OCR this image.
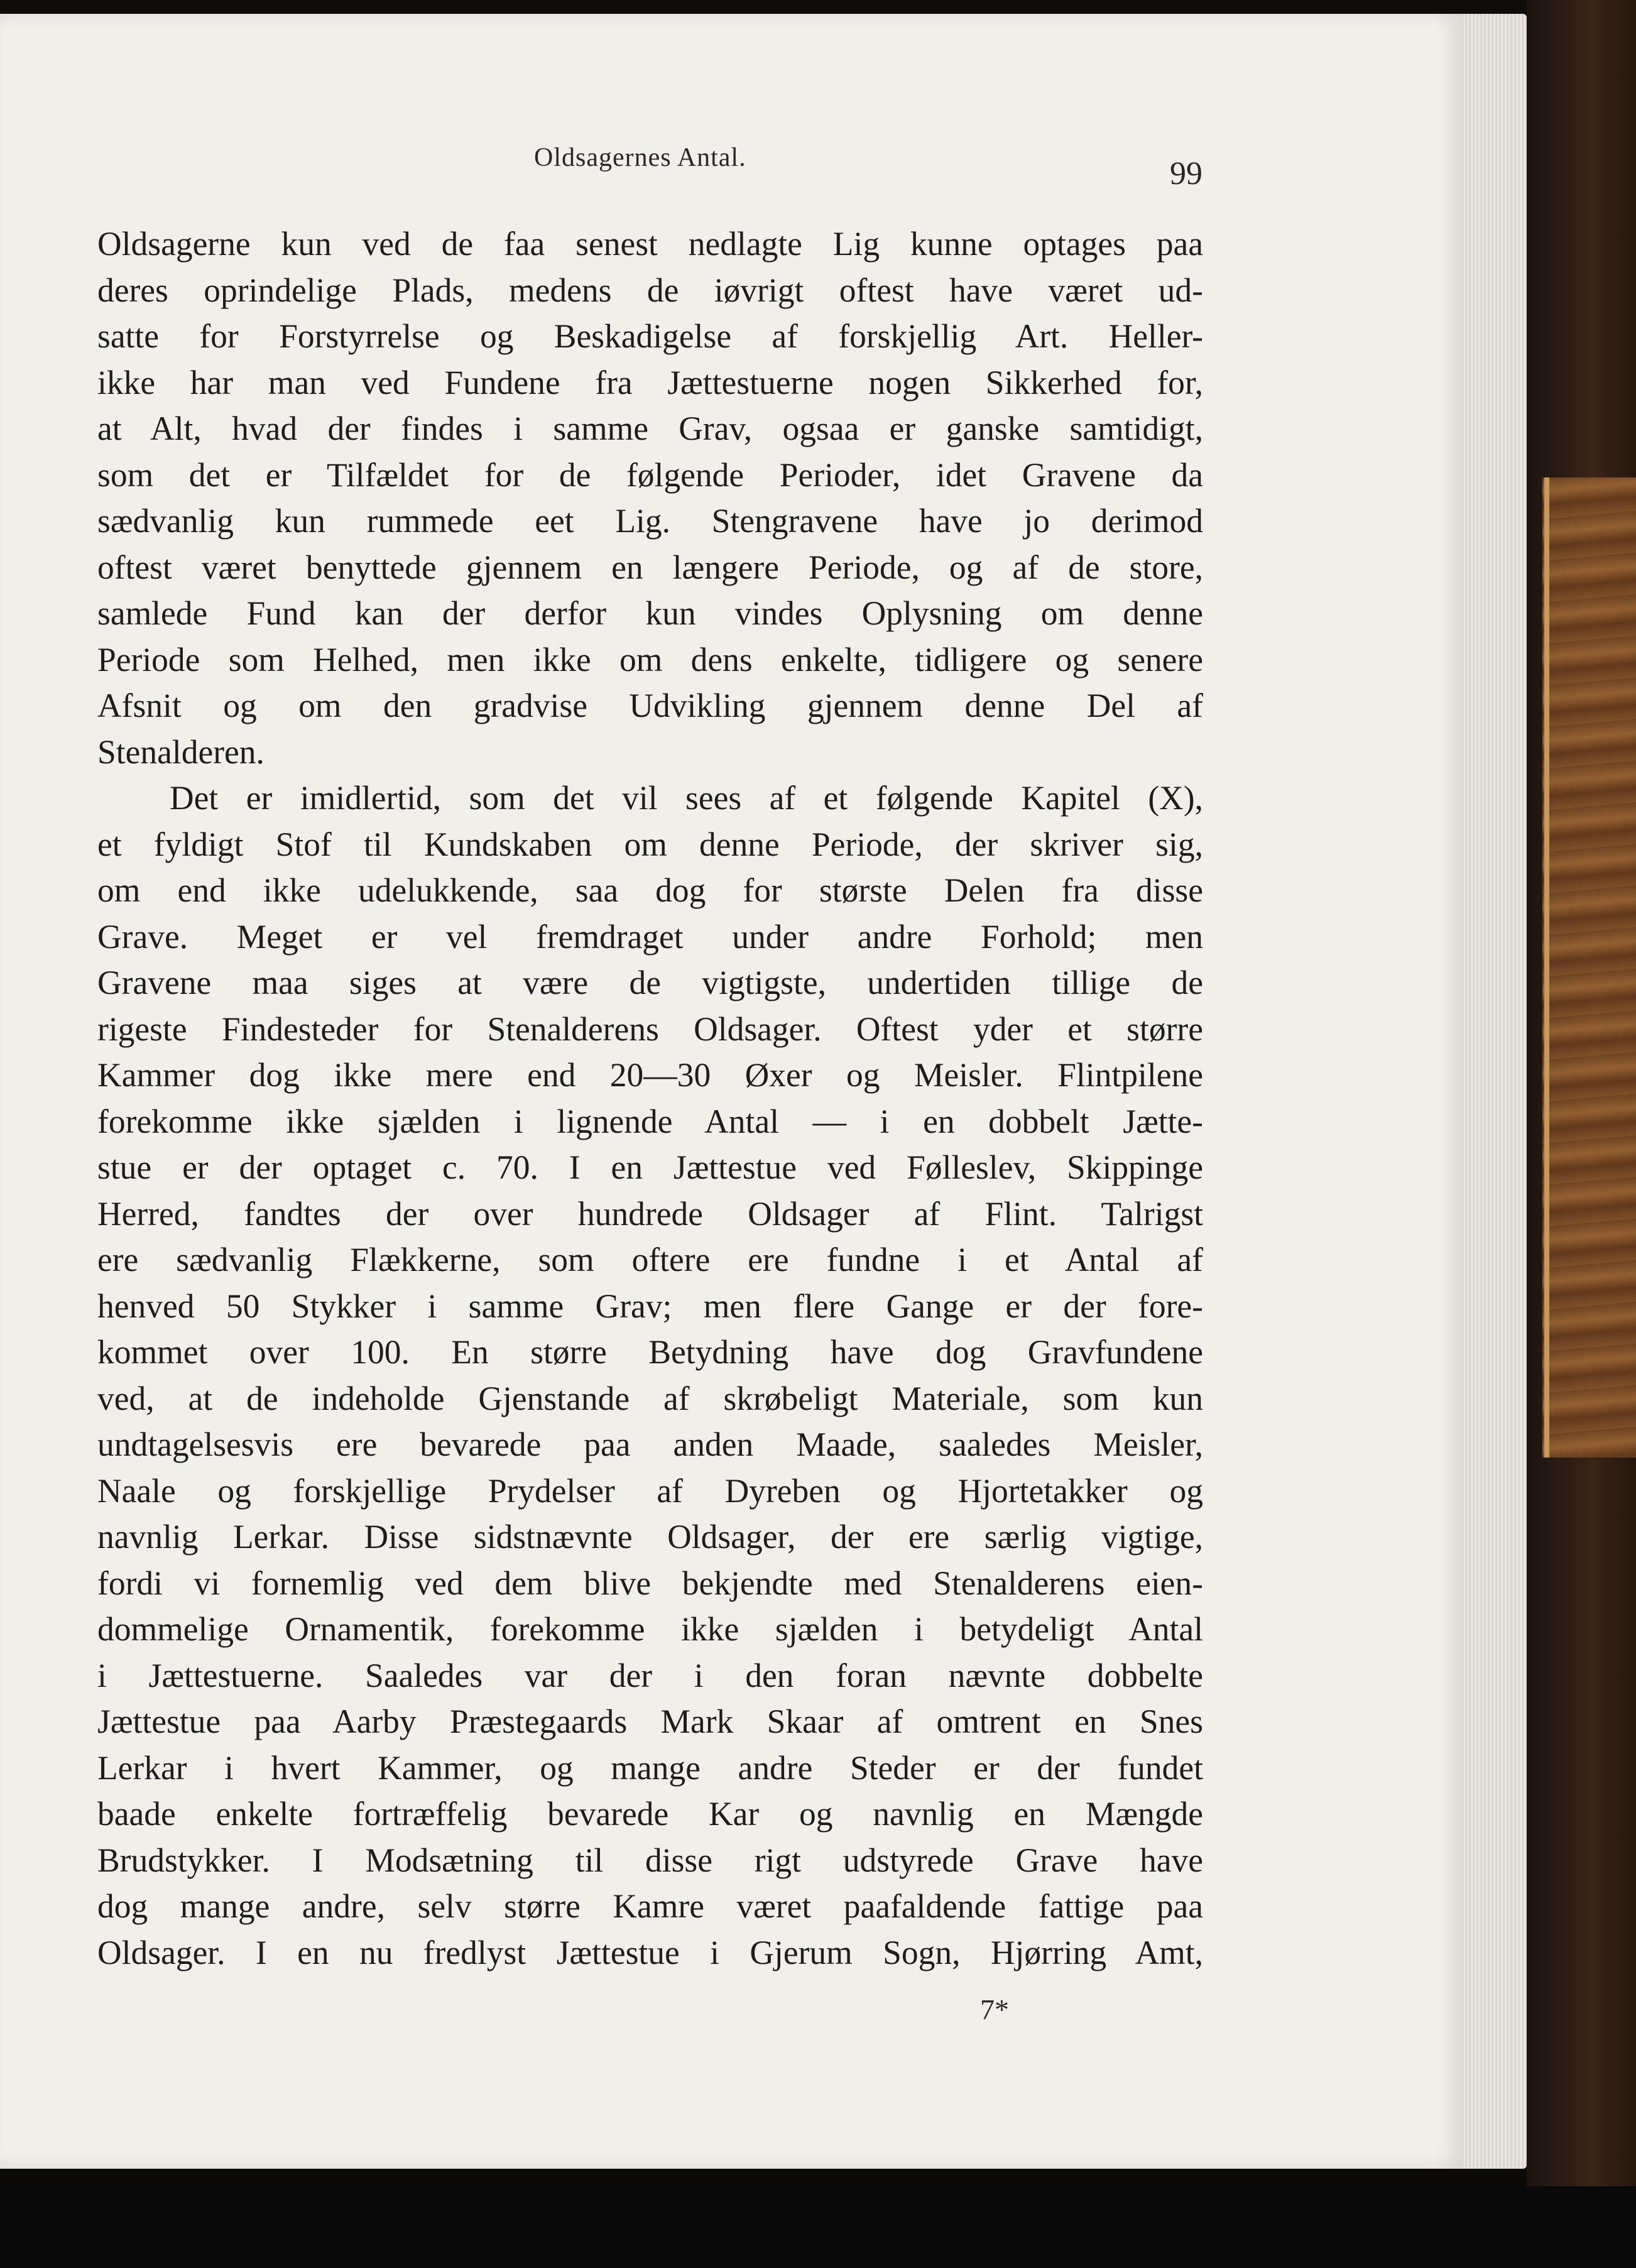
Oldsagernes Antal.	99
Oldsagerne kun ved de faa senest nedlagte Lig kunne optages paa
deres oprindelige Plads, medens de iøvrigt oftest have været ud-
satte for Forstyrrelse og Beskadigelse af forskjellig Art. Heller-
ikke har man ved Fundene fra Jættestuerne nogen Sikkerhed for,
at Alt, hvad der findes i samme Grav, ogsaa er ganske samtidigt,
som det er Tilfældet for de følgende Perioder, idet Gravene da
sædvanlig kun rummede eet Lig. Stengravene have jo derimod
oftest været benyttede gjennem en længere Periode, og af de store,
samlede Fund kan der derfor kun vindes Oplysning om denne
Periode som Helhed, men ikke om dens enkelte, tidligere og senere
Afsnit og om den gradvise Udvikling gjennem denne Del af
Stenalderen.
Det er imidlertid, som det vil sees af et følgende Kapitel (X),
et fyldigt Stof til Kundskaben om denne Periode, der skriver sig,
om end ikke udelukkende, saa dog for største Delen fra disse
Grave. Meget er vel fremdraget under andre Forhold; men
Gravene maa siges at være de vigtigste, undertiden tillige de
rigeste Findesteder for Stenalderens Oldsager. Oftest yder et større
Kammer dog ikke mere end 20—30 Øxer og Meisler. Flintpilene
forekomme ikke sjælden i lignende Antal — i en dobbelt Jætte-
stue er der optaget c. 70. I en Jættestue ved Følleslev, Skippinge
Herred, fandtes der over hundrede Oldsager af Flint. Talrigst
ere sædvanlig Flækkerne, som oftere ere fundne i et Antal af
henved 50 Stykker i samme Grav; men flere Gange er der fore-
kommet over 100. En større Betydning have dog Gravfundene
ved, at de indeholde Gjenstande af skrøbeligt Materiale, som kun
undtagelsesvis ere bevarede paa anden Maade, saaledes Meisler,
Naale og forskjellige Prydelser af Dyreben og Hjortetakker og
navnlig Lerkar. Disse sidstnævnte Oldsager, der ere særlig vigtige,
fordi vi fornemlig ved dem blive bekjendte med Stenalderens eien-
dommelige Ornamentik, forekomme ikke sjælden i betydeligt Antal
i Jættestuerne. Saaledes var der i den foran nævnte dobbelte
Jættestue paa Aarby Præstegaards Mark Skaar af omtrent en Snes
Lerkar i hvert Kammer, og mange andre Steder er der fundet
baade enkelte fortræffelig bevarede Kar og navnlig en Mængde
Brudstykker. I Modsætning til disse rigt udstyrede Grave have
dog mange andre, selv større Kamre været paafaldende fattige paa
Oldsager. I en nu fredlyst Jættestue i Gjerum Sogn, Hjørring Amt,
7*
